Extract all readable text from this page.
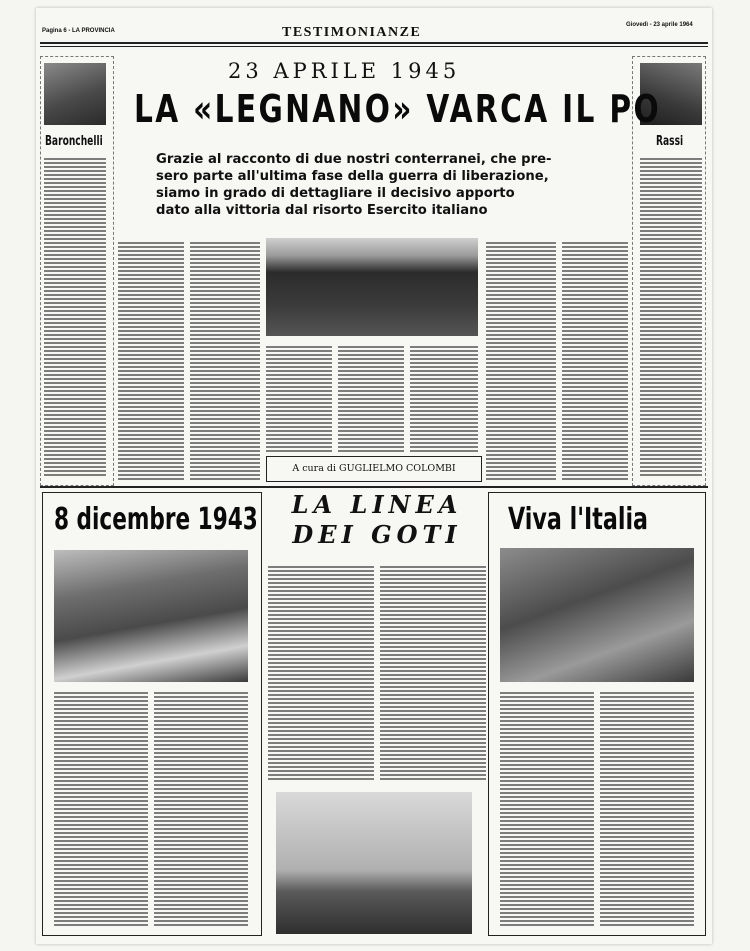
Pagina 6 - LA PROVINCIA	TESTIMONIANZE	Giovedì - 23 aprile 1964
Baronchelli	Rassi
23 APRILE 1945
LA «LEGNANO» VARCA IL PO
Grazie al racconto di due nostri conterranei, che pre-
sero parte all'ultima fase della guerra di liberazione,
siamo in grado di dettagliare il decisivo apporto
dato alla vittoria dal risorto Esercito italiano
A cura di GUGLIELMO COLOMBI
8 dicembre 1943	LA LINEA
DEI GOTI	Viva l'Italia
